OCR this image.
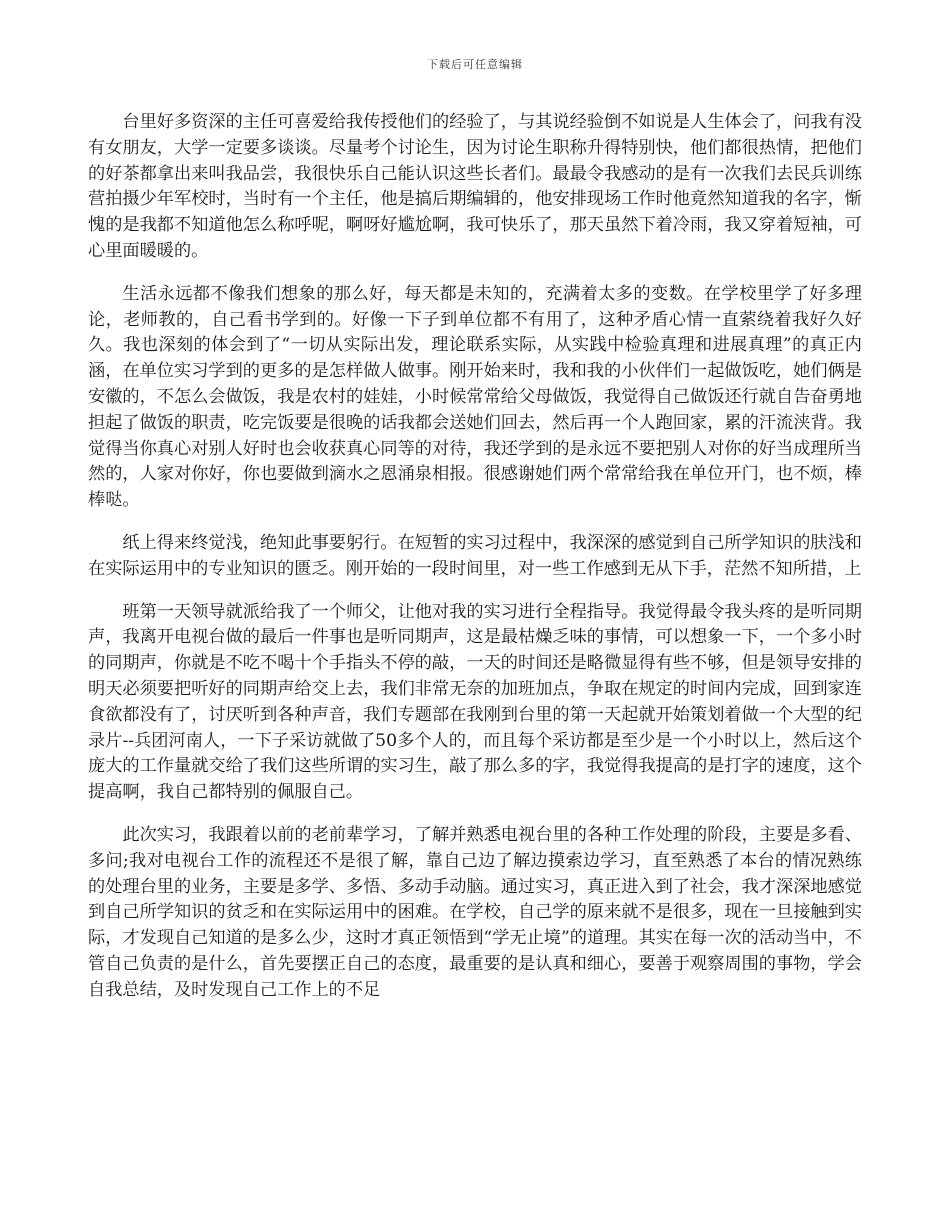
下载后可任意编辑

台里好多资深的主任可喜爱给我传授他们的经验了，与其说经验倒不如说是人生体会了，问我有没有女朋友，大学一定要多谈谈。尽量考个讨论生，因为讨论生职称升得特别快，他们都很热情，把他们的好茶都拿出来叫我品尝，我很快乐自己能认识这些长者们。最最令我感动的是有一次我们去民兵训练营拍摄少年军校时，当时有一个主任，他是搞后期编辑的，他安排现场工作时他竟然知道我的名字，惭愧的是我都不知道他怎么称呼呢，啊呀好尴尬啊，我可快乐了，那天虽然下着冷雨，我又穿着短袖，可心里面暖暖的。

生活永远都不像我们想象的那么好，每天都是未知的，充满着太多的变数。在学校里学了好多理论，老师教的，自己看书学到的。好像一下子到单位都不有用了，这种矛盾心情一直萦绕着我好久好久。我也深刻的体会到了“一切从实际出发，理论联系实际，从实践中检验真理和进展真理”的真正内涵，在单位实习学到的更多的是怎样做人做事。刚开始来时，我和我的小伙伴们一起做饭吃，她们俩是安徽的，不怎么会做饭，我是农村的娃娃，小时候常常给父母做饭，我觉得自己做饭还行就自告奋勇地担起了做饭的职责，吃完饭要是很晚的话我都会送她们回去，然后再一个人跑回家，累的汗流浃背。我觉得当你真心对别人好时也会收获真心同等的对待，我还学到的是永远不要把别人对你的好当成理所当然的，人家对你好，你也要做到滴水之恩涌泉相报。很感谢她们两个常常给我在单位开门，也不烦，棒棒哒。

纸上得来终觉浅，绝知此事要躬行。在短暂的实习过程中，我深深的感觉到自己所学知识的肤浅和在实际运用中的专业知识的匮乏。刚开始的一段时间里，对一些工作感到无从下手，茫然不知所措，上

班第一天领导就派给我了一个师父，让他对我的实习进行全程指导。我觉得最令我头疼的是听同期声，我离开电视台做的最后一件事也是听同期声，这是最枯燥乏味的事情，可以想象一下，一个多小时的同期声，你就是不吃不喝十个手指头不停的敲，一天的时间还是略微显得有些不够，但是领导安排的明天必须要把听好的同期声给交上去，我们非常无奈的加班加点，争取在规定的时间内完成，回到家连食欲都没有了，讨厌听到各种声音，我们专题部在我刚到台里的第一天起就开始策划着做一个大型的纪录片--兵团河南人，一下子采访就做了50多个人的，而且每个采访都是至少是一个小时以上，然后这个庞大的工作量就交给了我们这些所谓的实习生，敲了那么多的字，我觉得我提高的是打字的速度，这个提高啊，我自己都特别的佩服自己。

此次实习，我跟着以前的老前辈学习，了解并熟悉电视台里的各种工作处理的阶段，主要是多看、多问;我对电视台工作的流程还不是很了解，靠自己边了解边摸索边学习，直至熟悉了本台的情况熟练的处理台里的业务，主要是多学、多悟、多动手动脑。通过实习，真正进入到了社会，我才深深地感觉到自己所学知识的贫乏和在实际运用中的困难。在学校，自己学的原来就不是很多，现在一旦接触到实际，才发现自己知道的是多么少，这时才真正领悟到“学无止境”的道理。其实在每一次的活动当中，不管自己负责的是什么，首先要摆正自己的态度，最重要的是认真和细心，要善于观察周围的事物，学会自我总结，及时发现自己工作上的不足
